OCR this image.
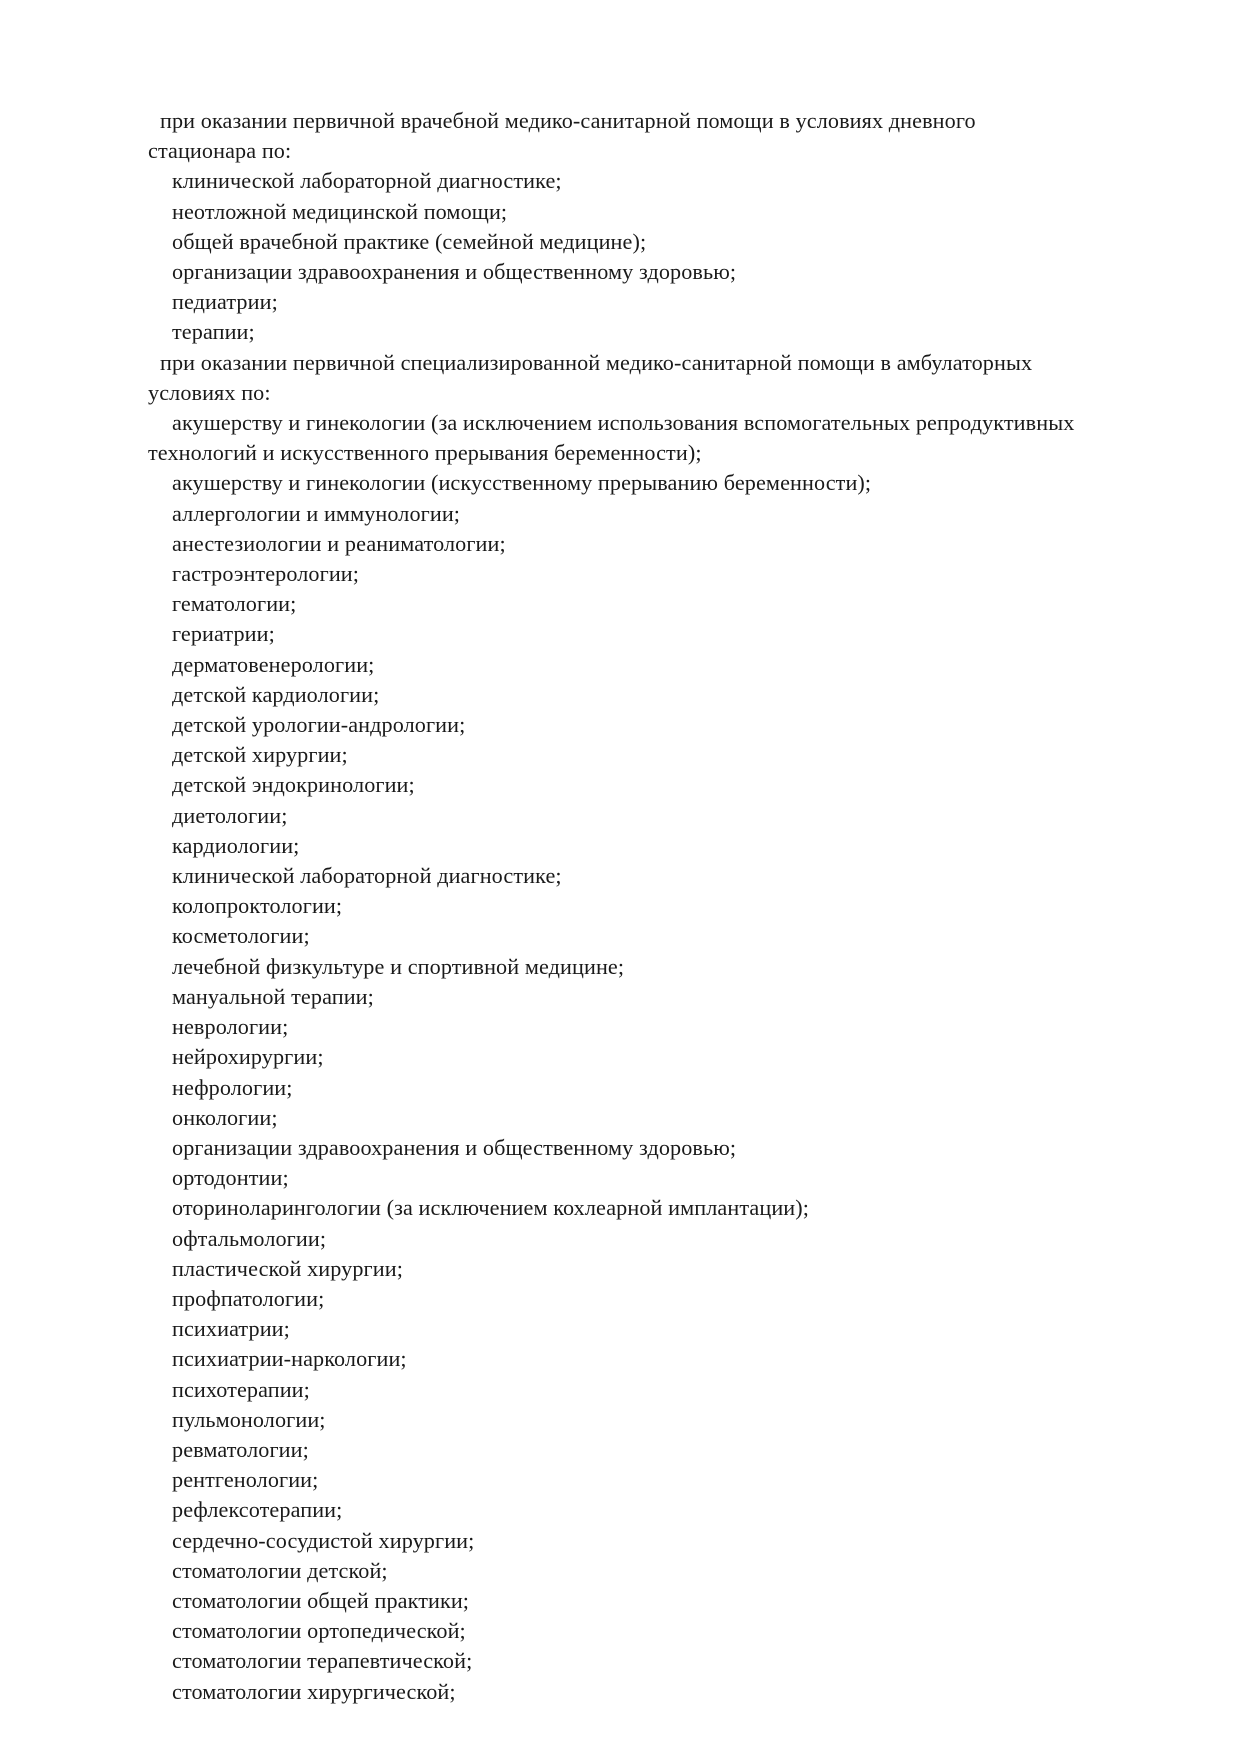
при оказании первичной врачебной медико-санитарной помощи в условиях дневного
стационара по:
клинической лабораторной диагностике;
неотложной медицинской помощи;
общей врачебной практике (семейной медицине);
организации здравоохранения и общественному здоровью;
педиатрии;
терапии;
при оказании первичной специализированной медико-санитарной помощи в амбулаторных
условиях по:
акушерству и гинекологии (за исключением использования вспомогательных репродуктивных
технологий и искусственного прерывания беременности);
акушерству и гинекологии (искусственному прерыванию беременности);
аллергологии и иммунологии;
анестезиологии и реаниматологии;
гастроэнтерологии;
гематологии;
гериатрии;
дерматовенерологии;
детской кардиологии;
детской урологии-андрологии;
детской хирургии;
детской эндокринологии;
диетологии;
кардиологии;
клинической лабораторной диагностике;
колопроктологии;
косметологии;
лечебной физкультуре и спортивной медицине;
мануальной терапии;
неврологии;
нейрохирургии;
нефрологии;
онкологии;
организации здравоохранения и общественному здоровью;
ортодонтии;
оториноларингологии (за исключением кохлеарной имплантации);
офтальмологии;
пластической хирургии;
профпатологии;
психиатрии;
психиатрии-наркологии;
психотерапии;
пульмонологии;
ревматологии;
рентгенологии;
рефлексотерапии;
сердечно-сосудистой хирургии;
стоматологии детской;
стоматологии общей практики;
стоматологии ортопедической;
стоматологии терапевтической;
стоматологии хирургической;
